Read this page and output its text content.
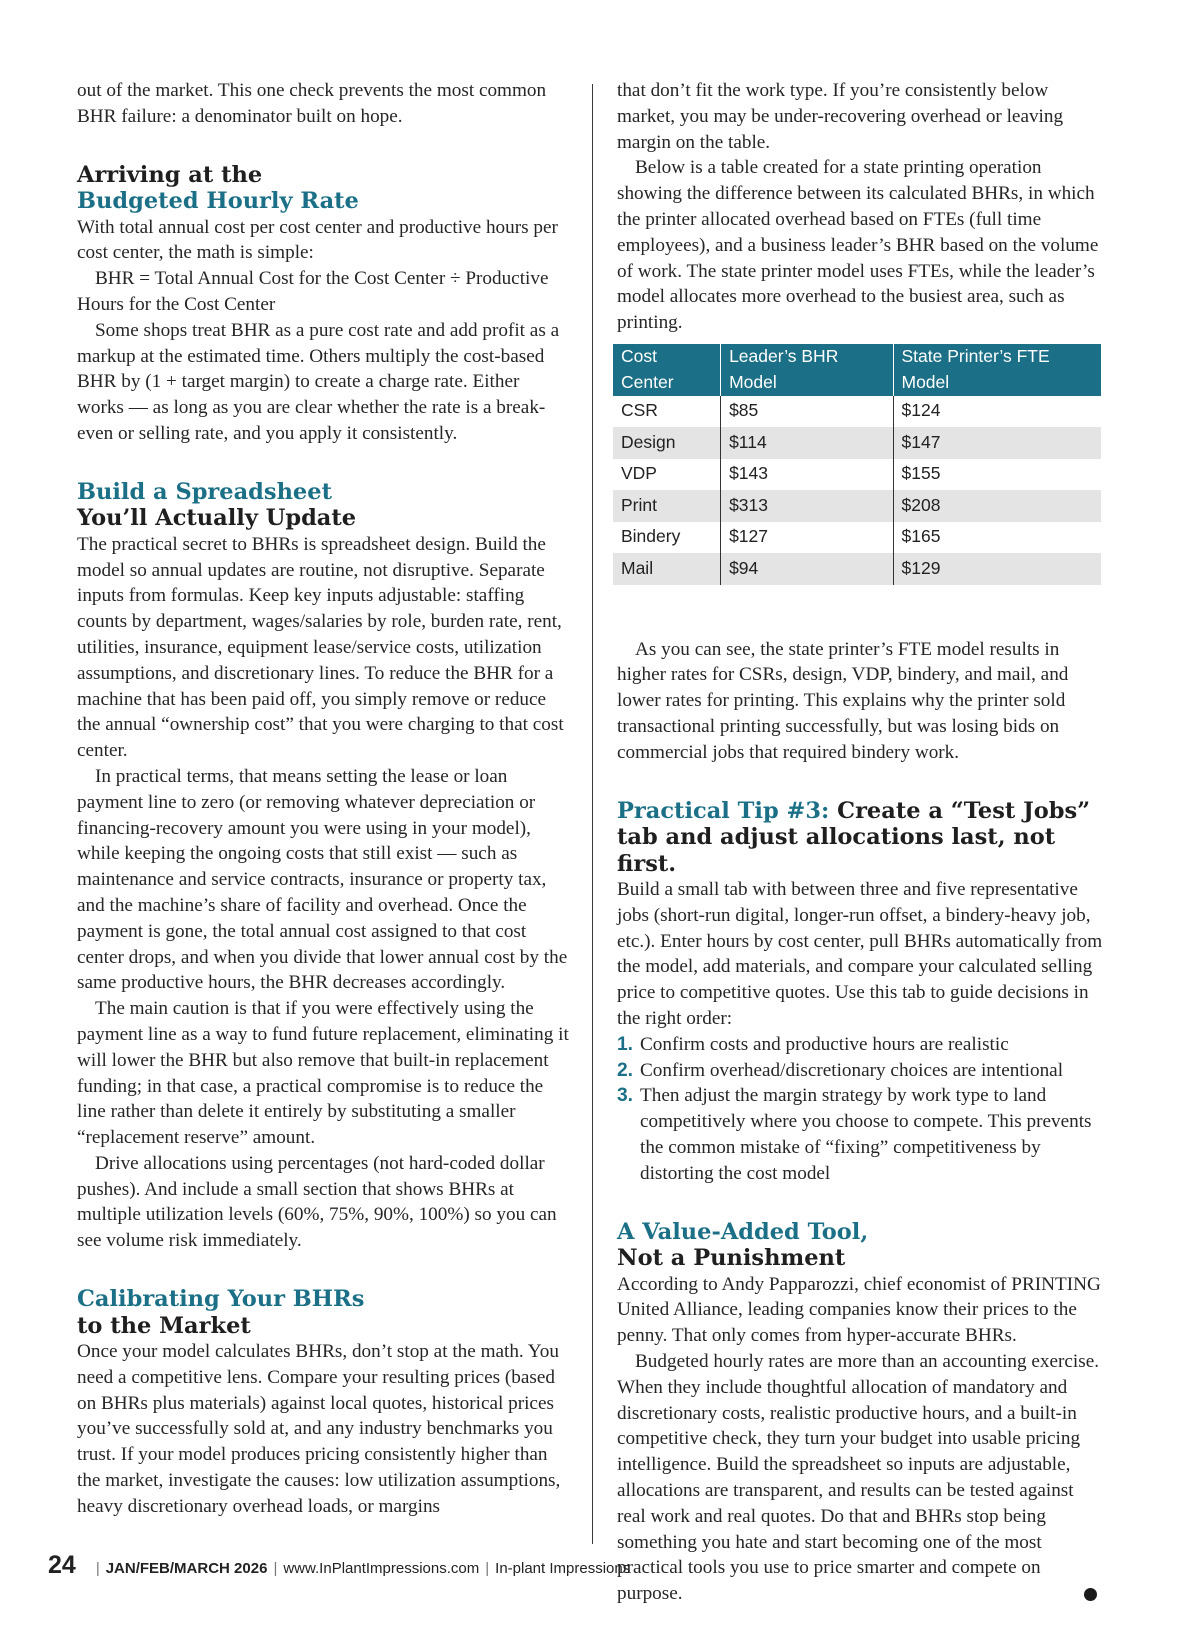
out of the market. This one check prevents the most common BHR failure: a denominator built on hope.

Arriving at the
Budgeted Hourly Rate

With total annual cost per cost center and productive hours per cost center, the math is simple:

BHR = Total Annual Cost for the Cost Center ÷ Productive Hours for the Cost Center

Some shops treat BHR as a pure cost rate and add profit as a markup at the estimated time. Others multiply the cost-based BHR by (1 + target margin) to create a charge rate. Either works — as long as you are clear whether the rate is a break-even or selling rate, and you apply it consistently.

Build a Spreadsheet
You’ll Actually Update

The practical secret to BHRs is spreadsheet design. Build the model so annual updates are routine, not disruptive. Separate inputs from formulas. Keep key inputs adjustable: staffing counts by department, wages/salaries by role, burden rate, rent, utilities, insurance, equipment lease/service costs, utilization assumptions, and discretionary lines. To reduce the BHR for a machine that has been paid off, you simply remove or reduce the annual “ownership cost” that you were charging to that cost center.

In practical terms, that means setting the lease or loan payment line to zero (or removing whatever depreciation or financing-recovery amount you were using in your model), while keeping the ongoing costs that still exist — such as maintenance and service contracts, insurance or property tax, and the machine’s share of facility and overhead. Once the payment is gone, the total annual cost assigned to that cost center drops, and when you divide that lower annual cost by the same productive hours, the BHR decreases accordingly.

The main caution is that if you were effectively using the payment line as a way to fund future replacement, eliminating it will lower the BHR but also remove that built-in replacement funding; in that case, a practical compromise is to reduce the line rather than delete it entirely by substituting a smaller “replacement reserve” amount.

Drive allocations using percentages (not hard-coded dollar pushes). And include a small section that shows BHRs at multiple utilization levels (60%, 75%, 90%, 100%) so you can see volume risk immediately.

Calibrating Your BHRs
to the Market

Once your model calculates BHRs, don’t stop at the math. You need a competitive lens. Compare your resulting prices (based on BHRs plus materials) against local quotes, historical prices you’ve successfully sold at, and any industry benchmarks you trust. If your model produces pricing consistently higher than the market, investigate the causes: low utilization assumptions, heavy discretionary overhead loads, or margins

that don’t fit the work type. If you’re consistently below market, you may be under-recovering overhead or leaving margin on the table.

Below is a table created for a state printing operation showing the difference between its calculated BHRs, in which the printer allocated overhead based on FTEs (full time employees), and a business leader’s BHR based on the volume of work. The state printer model uses FTEs, while the leader’s model allocates more overhead to the busiest area, such as printing.

Cost Center	Leader’s BHR Model	State Printer’s FTE Model
CSR	$85	$124
Design	$114	$147
VDP	$143	$155
Print	$313	$208
Bindery	$127	$165
Mail	$94	$129

As you can see, the state printer’s FTE model results in higher rates for CSRs, design, VDP, bindery, and mail, and lower rates for printing. This explains why the printer sold transactional printing successfully, but was losing bids on commercial jobs that required bindery work.

Practical Tip #3: Create a “Test Jobs” tab and adjust allocations last, not first.

Build a small tab with between three and five representative jobs (short-run digital, longer-run offset, a bindery-heavy job, etc.). Enter hours by cost center, pull BHRs automatically from the model, add materials, and compare your calculated selling price to competitive quotes. Use this tab to guide decisions in the right order:

1. Confirm costs and productive hours are realistic
2. Confirm overhead/discretionary choices are intentional
3. Then adjust the margin strategy by work type to land competitively where you choose to compete. This prevents the common mistake of “fixing” competitiveness by distorting the cost model
A Value-Added Tool,
Not a Punishment

According to Andy Papparozzi, chief economist of PRINTING United Alliance, leading companies know their prices to the penny. That only comes from hyper-accurate BHRs.

Budgeted hourly rates are more than an accounting exercise. When they include thoughtful allocation of mandatory and discretionary costs, realistic productive hours, and a built-in competitive check, they turn your budget into usable pricing intelligence. Build the spreadsheet so inputs are adjustable, allocations are transparent, and results can be tested against real work and real quotes. Do that and BHRs stop being something you hate and start becoming one of the most practical tools you use to price smarter and compete on purpose.

24 | JAN/FEB/MARCH 2026 | www.InPlantImpressions.com | In-plant Impressions
